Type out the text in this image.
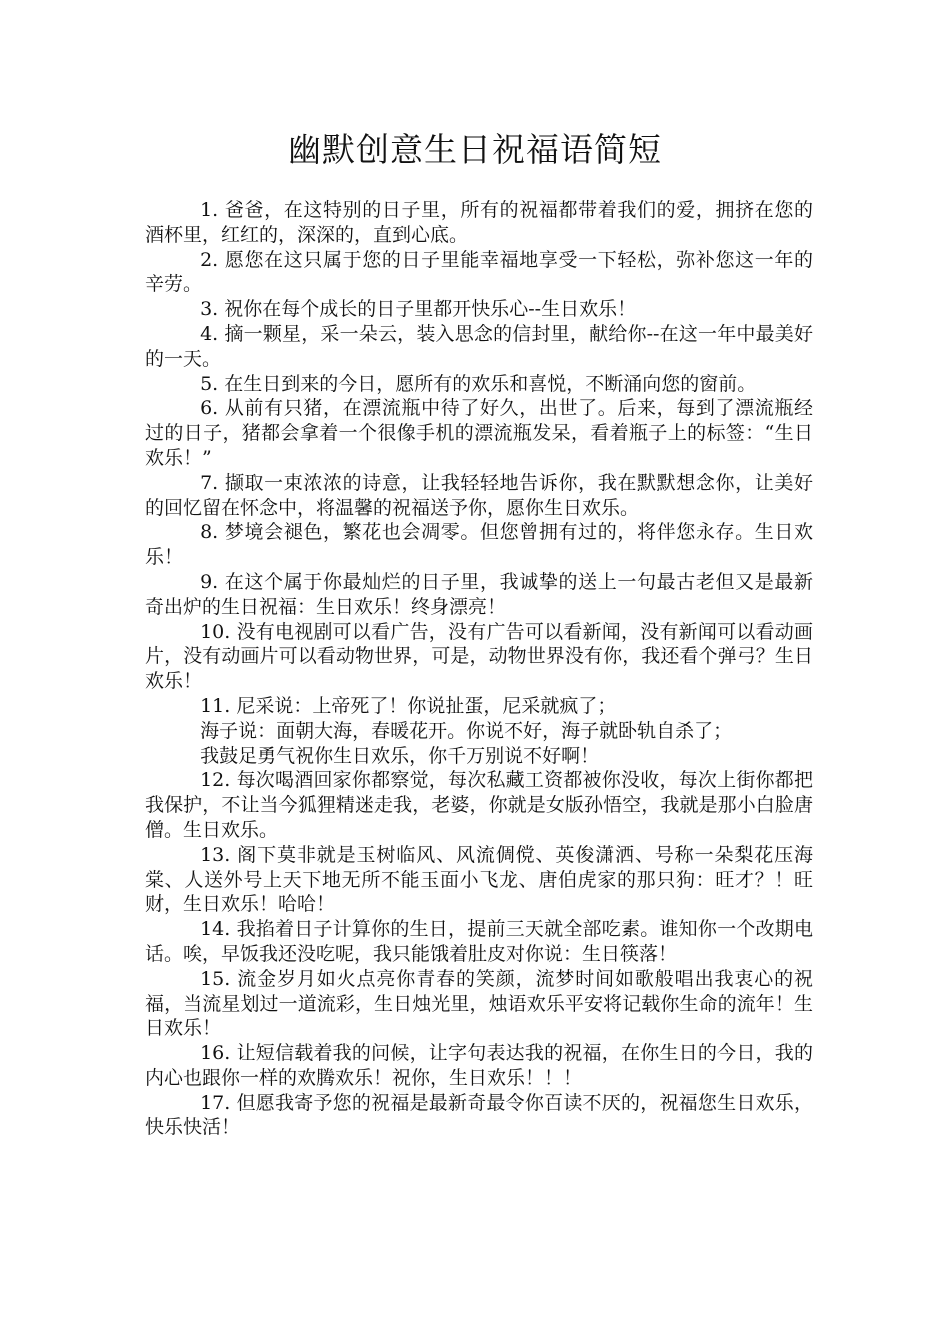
幽默创意生日祝福语简短

1. 爸爸，在这特别的日子里，所有的祝福都带着我们的爱，拥挤在您的酒杯里，红红的，深深的，直到心底。

2. 愿您在这只属于您的日子里能幸福地享受一下轻松，弥补您这一年的辛劳。

3. 祝你在每个成长的日子里都开快乐心--生日欢乐！

4. 摘一颗星，采一朵云，装入思念的信封里，献给你--在这一年中最美好的一天。

5. 在生日到来的今日，愿所有的欢乐和喜悦，不断涌向您的窗前。

6. 从前有只猪，在漂流瓶中待了好久，出世了。后来，每到了漂流瓶经过的日子，猪都会拿着一个很像手机的漂流瓶发呆，看着瓶子上的标签：“生日欢乐！”

7. 撷取一束浓浓的诗意，让我轻轻地告诉你，我在默默想念你，让美好的回忆留在怀念中，将温馨的祝福送予你，愿你生日欢乐。

8. 梦境会褪色，繁花也会凋零。但您曾拥有过的，将伴您永存。生日欢乐！

9. 在这个属于你最灿烂的日子里，我诚挚的送上一句最古老但又是最新奇出炉的生日祝福：生日欢乐！终身漂亮！

10. 没有电视剧可以看广告，没有广告可以看新闻，没有新闻可以看动画片，没有动画片可以看动物世界，可是，动物世界没有你，我还看个弹弓？生日欢乐！

11. 尼采说：上帝死了！你说扯蛋，尼采就疯了；

海子说：面朝大海，春暖花开。你说不好，海子就卧轨自杀了；

我鼓足勇气祝你生日欢乐，你千万别说不好啊！

12. 每次喝酒回家你都察觉，每次私藏工资都被你没收，每次上街你都把我保护，不让当今狐狸精迷走我，老婆，你就是女版孙悟空，我就是那小白脸唐僧。生日欢乐。

13. 阁下莫非就是玉树临风、风流倜傥、英俊潇洒、号称一朵梨花压海棠、人送外号上天下地无所不能玉面小飞龙、唐伯虎家的那只狗：旺才？！旺财，生日欢乐！哈哈！

14. 我掐着日子计算你的生日，提前三天就全部吃素。谁知你一个改期电话。唉，早饭我还没吃呢，我只能饿着肚皮对你说：生日筷落！

15. 流金岁月如火点亮你青春的笑颜，流梦时间如歌般唱出我衷心的祝福，当流星划过一道流彩，生日烛光里，烛语欢乐平安将记载你生命的流年！生日欢乐！

16. 让短信载着我的问候，让字句表达我的祝福，在你生日的今日，我的内心也跟你一样的欢腾欢乐！祝你，生日欢乐！！！

17. 但愿我寄予您的祝福是最新奇最令你百读不厌的，祝福您生日欢乐，快乐快活！
